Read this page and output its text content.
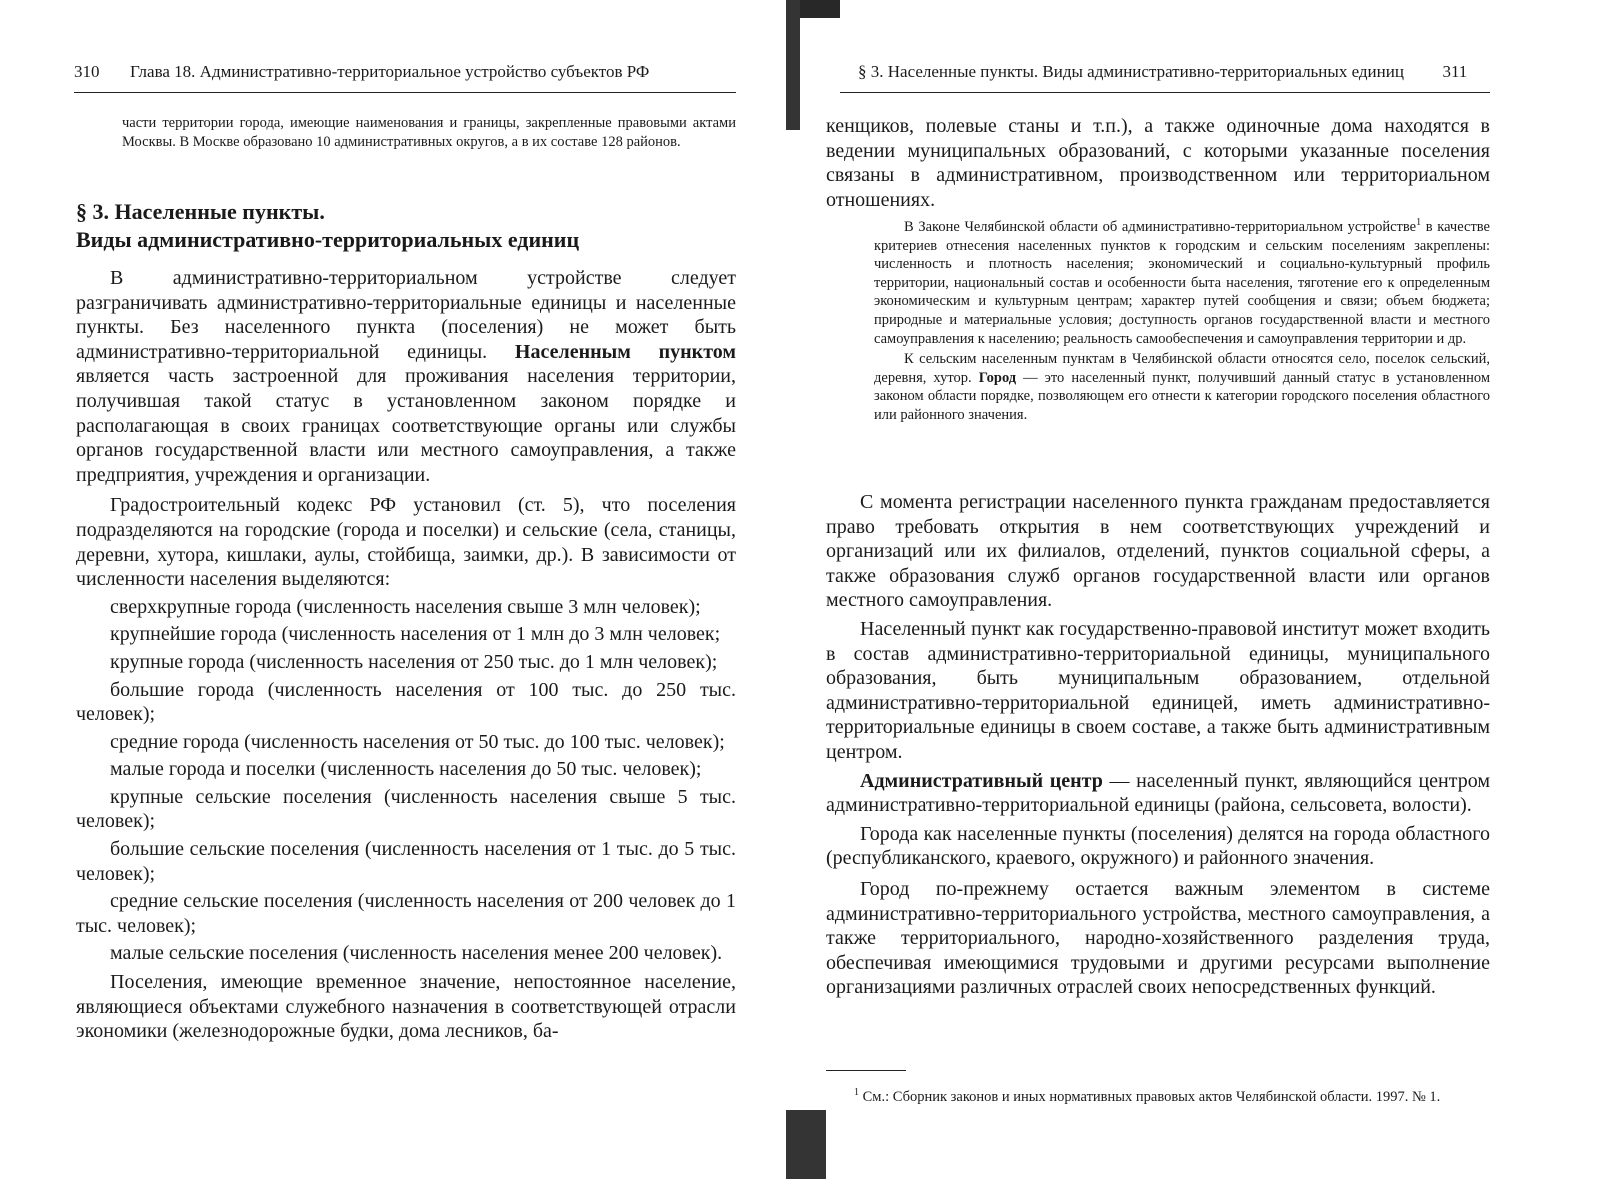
310 Глава 18. Административно-территориальное устройство субъектов РФ

части территории города, имеющие наименования и границы, закрепленные правовыми актами Москвы. В Москве образовано 10 административных округов, а в их составе 128 районов.

§ 3. Населенные пункты.
Виды административно-территориальных единиц

В административно-территориальном устройстве следует разграничивать административно-территориальные единицы и населенные пункты. Без населенного пункта (поселения) не может быть административно-территориальной единицы. Населенным пунктом является часть застроенной для проживания населения территории, получившая такой статус в установленном законом порядке и располагающая в своих границах соответствующие органы или службы органов государственной власти или местного самоуправления, а также предприятия, учреждения и организации.

Градостроительный кодекс РФ установил (ст. 5), что поселения подразделяются на городские (города и поселки) и сельские (села, станицы, деревни, хутора, кишлаки, аулы, стойбища, заимки, др.). В зависимости от численности населения выделяются:

сверхкрупные города (численность населения свыше 3 млн человек);

крупнейшие города (численность населения от 1 млн до 3 млн человек;

крупные города (численность населения от 250 тыс. до 1 млн человек);

большие города (численность населения от 100 тыс. до 250 тыс. человек);

средние города (численность населения от 50 тыс. до 100 тыс. человек);

малые города и поселки (численность населения до 50 тыс. человек);

крупные сельские поселения (численность населения свыше 5 тыс. человек);

большие сельские поселения (численность населения от 1 тыс. до 5 тыс. человек);

средние сельские поселения (численность населения от 200 человек до 1 тыс. человек);

малые сельские поселения (численность населения менее 200 человек).

Поселения, имеющие временное значение, непостоянное население, являющиеся объектами служебного назначения в соответствующей отрасли экономики (железнодорожные будки, дома лесников, ба-

§ 3. Населенные пункты. Виды административно-территориальных единиц 311

кенщиков, полевые станы и т.п.), а также одиночные дома находятся в ведении муниципальных образований, с которыми указанные поселения связаны в административном, производственном или территориальном отношениях.

В Законе Челябинской области об административно-территориальном устройстве$^1$ в качестве критериев отнесения населенных пунктов к городским и сельским поселениям закреплены: численность и плотность населения; экономический и социально-культурный профиль территории, национальный состав и особенности быта населения, тяготение его к определенным экономическим и культурным центрам; характер путей сообщения и связи; объем бюджета; природные и материальные условия; доступность органов государственной власти и местного самоуправления к населению; реальность самообеспечения и самоуправления территории и др.

К сельским населенным пунктам в Челябинской области относятся село, поселок сельский, деревня, хутор. Город — это населенный пункт, получивший данный статус в установленном законом области порядке, позволяющем его отнести к категории городского поселения областного или районного значения.

С момента регистрации населенного пункта гражданам предоставляется право требовать открытия в нем соответствующих учреждений и организаций или их филиалов, отделений, пунктов социальной сферы, а также образования служб органов государственной власти или органов местного самоуправления.

Населенный пункт как государственно-правовой институт может входить в состав административно-территориальной единицы, муниципального образования, быть муниципальным образованием, отдельной административно-территориальной единицей, иметь административно-территориальные единицы в своем составе, а также быть административным центром.

Административный центр — населенный пункт, являющийся центром административно-территориальной единицы (района, сельсовета, волости).

Города как населенные пункты (поселения) делятся на города областного (республиканского, краевого, окружного) и районного значения.

Город по-прежнему остается важным элементом в системе административно-территориального устройства, местного самоуправления, а также территориального, народно-хозяйственного разделения труда, обеспечивая имеющимися трудовыми и другими ресурсами выполнение организациями различных отраслей своих непосредственных функций.

$^1$ См.: Сборник законов и иных нормативных правовых актов Челябинской области. 1997. № 1.
